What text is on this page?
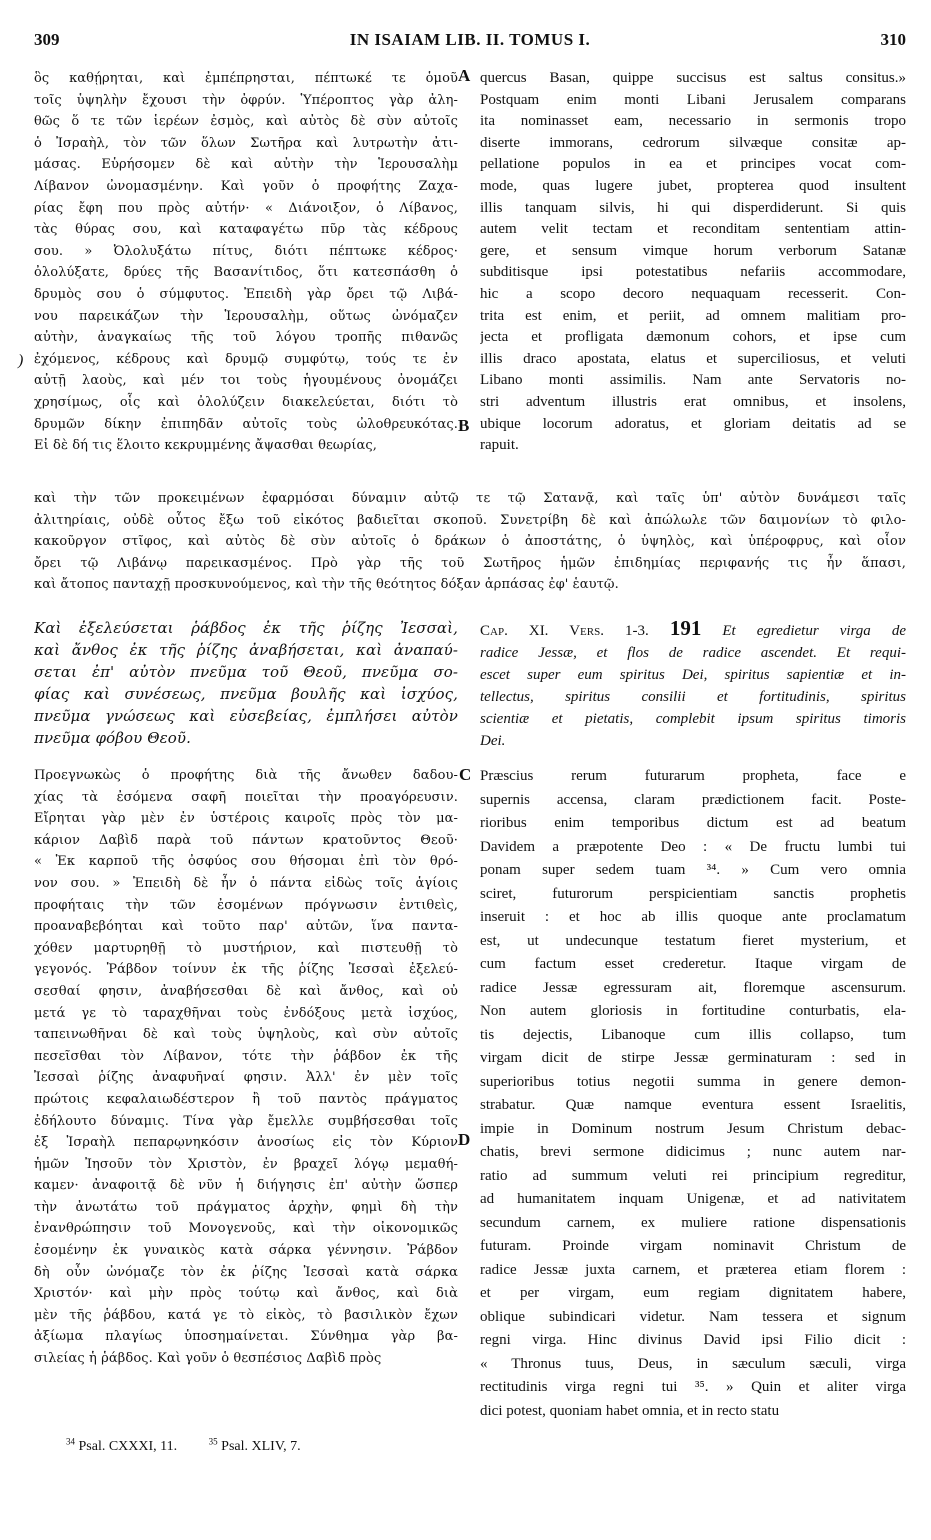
309	IN ISAIAM LIB. II. TOMUS I.	310
A
B
C
D
)
ὃς καθῄρηται, καὶ ἐμπέπρησται, πέπτωκέ τε ὁμοῦ
τοῖς ὑψηλὴν ἔχουσι τὴν ὀφρύν. Ὑπέροπτος γὰρ ἀλη-
θῶς ὅ τε τῶν ἱερέων ἐσμὸς, καὶ αὐτὸς δὲ σὺν αὐτοῖς
ὁ Ἰσραὴλ, τὸν τῶν ὅλων Σωτῆρα καὶ λυτρωτὴν ἀτι-
μάσας. Εὑρήσομεν δὲ καὶ αὐτὴν τὴν Ἱερουσαλὴμ
Λίβανον ὠνομασμένην. Καὶ γοῦν ὁ προφήτης Ζαχα-
ρίας ἔφη που πρὸς αὐτήν· « Διάνοιξον, ὁ Λίβανος,
τὰς θύρας σου, καὶ καταφαγέτω πῦρ τὰς κέδρους
σου. » Ὀλολυξάτω πίτυς, διότι πέπτωκε κέδρος·
ὀλολύξατε, δρύες τῆς Βασανίτιδος, ὅτι κατεσπάσθη ὁ
δρυμὸς σου ὁ σύμφυτος. Ἐπειδὴ γὰρ ὄρει τῷ Λιβά-
νου παρεικάζων τὴν Ἱερουσαλὴμ, οὕτως ὠνόμαζεν
αὐτὴν, ἀναγκαίως τῆς τοῦ λόγου τροπῆς πιθανῶς
ἐχόμενος, κέδρους καὶ δρυμῷ συμφύτῳ, τούς τε ἐν
αὐτῇ λαοὺς, καὶ μέν τοι τοὺς ἡγουμένους ὀνομάζει
χρησίμως, οἷς καὶ ὀλολύζειν διακελεύεται, διότι τὸ
δρυμῶν δίκην ἐπιπηδᾶν αὐτοῖς τοὺς ὠλοθρευκότας.
Εἰ δὲ δή τις ἕλοιτο κεκρυμμένης ἄψασθαι θεωρίας,
quercus Basan, quippe succisus est saltus consitus.»
Postquam enim monti Libani Jerusalem comparans
ita nominasset eam, necessario in sermonis tropo
diserte immorans, cedrorum silvæque consitæ ap-
pellatione populos in ea et principes vocat com-
mode, quas lugere jubet, propterea quod insultent
illis tanquam silvis, hi qui disperdiderunt. Si quis
autem velit tectam et reconditam sententiam attin-
gere, et sensum vimque horum verborum Satanæ
subditisque ipsi potestatibus nefariis accommodare,
hic a scopo decoro nequaquam recesserit. Con-
trita est enim, et periit, ad omnem malitiam pro-
jecta et profligata dæmonum cohors, et ipse cum
illis draco apostata, elatus et superciliosus, et veluti
Libano monti assimilis. Nam ante Servatoris no-
stri adventum illustris erat omnibus, et insolens,
ubique locorum adoratus, et gloriam deitatis ad se
rapuit.
καὶ τὴν τῶν προκειμένων ἐφαρμόσαι δύναμιν αὐτῷ τε τῷ Σατανᾷ, καὶ ταῖς ὑπ' αὐτὸν δυνάμεσι ταῖς
ἀλιτηρίαις, οὐδὲ οὗτος ἔξω τοῦ εἰκότος βαδιεῖται σκοποῦ. Συνετρίβη δὲ καὶ ἀπώλωλε τῶν δαιμονίων τὸ φιλο-
κακοῦργον στῖφος, καὶ αὐτὸς δὲ σὺν αὐτοῖς ὁ δράκων ὁ ἀποστάτης, ὁ ὑψηλὸς, καὶ ὑπέροφρυς, καὶ οἷον
ὄρει τῷ Λιβάνῳ παρεικασμένος. Πρὸ γὰρ τῆς τοῦ Σωτῆρος ἡμῶν ἐπιδημίας περιφανής τις ἦν ἅπασι,
καὶ ἄτοπος πανταχῇ προσκυνούμενος, καὶ τὴν τῆς θεότητος δόξαν ἁρπάσας ἐφ' ἑαυτῷ.
Καὶ ἐξελεύσεται ῥάβδος ἐκ τῆς ῥίζης Ἰεσσαὶ,
καὶ ἄνθος ἐκ τῆς ῥίζης ἀναβήσεται, καὶ ἀναπαύ-
σεται ἐπ' αὐτὸν πνεῦμα τοῦ Θεοῦ, πνεῦμα σο-
φίας καὶ συνέσεως, πνεῦμα βουλῆς καὶ ἰσχύος,
πνεῦμα γνώσεως καὶ εὐσεβείας, ἐμπλήσει αὐτὸν
πνεῦμα φόβου Θεοῦ.
Cap. XI. Vers. 1-3. 191 Et egredietur virga de
radice Jessæ, et flos de radice ascendet. Et requi-
escet super eum spiritus Dei, spiritus sapientiæ et in-
tellectus, spiritus consilii et fortitudinis, spiritus
scientiæ et pietatis, complebit ipsum spiritus timoris
Dei.
Προεγνωκὼς ὁ προφήτης διὰ τῆς ἄνωθεν δαδου-
χίας τὰ ἐσόμενα σαφῆ ποιεῖται τὴν προαγόρευσιν.
Εἴρηται γὰρ μὲν ἐν ὑστέροις καιροῖς πρὸς τὸν μα-
κάριον Δαβὶδ παρὰ τοῦ πάντων κρατοῦντος Θεοῦ·
« Ἐκ καρποῦ τῆς ὀσφύος σου θήσομαι ἐπὶ τὸν θρό-
νον σου. » Ἐπειδὴ δὲ ἦν ὁ πάντα εἰδὼς τοῖς ἁγίοις
προφήταις τὴν τῶν ἐσομένων πρόγνωσιν ἐντιθεὶς,
προαναβεβόηται καὶ τοῦτο παρ' αὐτῶν, ἵνα παντα-
χόθεν μαρτυρηθῇ τὸ μυστήριον, καὶ πιστευθῇ τὸ
γεγονός. Ῥάβδον τοίνυν ἐκ τῆς ῥίζης Ἰεσσαὶ ἐξελεύ-
σεσθαί φησιν, ἀναβήσεσθαι δὲ καὶ ἄνθος, καὶ οὐ
μετά γε τὸ ταραχθῆναι τοὺς ἐνδόξους μετὰ ἰσχύος,
ταπεινωθῆναι δὲ καὶ τοὺς ὑψηλοὺς, καὶ σὺν αὐτοῖς
πεσεῖσθαι τὸν Λίβανον, τότε τὴν ῥάβδον ἐκ τῆς
Ἰεσσαὶ ῥίζης ἀναφυῆναί φησιν. Ἀλλ' ἐν μὲν τοῖς
πρώτοις κεφαλαιωδέστερον ἢ τοῦ παντὸς πράγματος
ἐδήλουτο δύναμις. Τίνα γὰρ ἔμελλε συμβήσεσθαι τοῖς
ἐξ Ἰσραὴλ πεπαρῳνηκόσιν ἀνοσίως εἰς τὸν Κύριον
ἡμῶν Ἰησοῦν τὸν Χριστὸν, ἐν βραχεῖ λόγῳ μεμαθή-
καμεν· ἀναφοιτᾷ δὲ νῦν ἡ διήγησις ἐπ' αὐτὴν ὥσπερ
τὴν ἀνωτάτω τοῦ πράγματος ἀρχὴν, φημὶ δὴ τὴν
ἐνανθρώπησιν τοῦ Μονογενοῦς, καὶ τὴν οἰκονομικῶς
ἐσομένην ἐκ γυναικὸς κατὰ σάρκα γέννησιν. Ῥάβδον
δὴ οὖν ὠνόμαζε τὸν ἐκ ῥίζης Ἰεσσαὶ κατὰ σάρκα
Χριστόν· καὶ μὴν πρὸς τούτῳ καὶ ἄνθος, καὶ διὰ
μὲν τῆς ῥάβδου, κατά γε τὸ εἰκὸς, τὸ βασιλικὸν ἔχων
ἀξίωμα πλαγίως ὑποσημαίνεται. Σύνθημα γὰρ βα-
σιλείας ἡ ῥάβδος. Καὶ γοῦν ὁ θεσπέσιος Δαβὶδ πρὸς
Præscius rerum futurarum propheta, face e
supernis accensa, claram prædictionem facit. Poste-
rioribus enim temporibus dictum est ad beatum
Davidem a præpotente Deo : « De fructu lumbi tui
ponam super sedem tuam ³⁴. » Cum vero omnia
sciret, futurorum perspicientiam sanctis prophetis
inseruit : et hoc ab illis quoque ante proclamatum
est, ut undecunque testatum fieret mysterium, et
cum factum esset crederetur. Itaque virgam de
radice Jessæ egressuram ait, floremque ascensurum.
Non autem gloriosis in fortitudine conturbatis, ela-
tis dejectis, Libanoque cum illis collapso, tum
virgam dicit de stirpe Jessæ germinaturam : sed in
superioribus totius negotii summa in genere demon-
strabatur. Quæ namque eventura essent Israelitis,
impie in Dominum nostrum Jesum Christum debac-
chatis, brevi sermone didicimus ; nunc autem nar-
ratio ad summum veluti rei principium regreditur,
ad humanitatem inquam Unigenæ, et ad nativitatem
secundum carnem, ex muliere ratione dispensationis
futuram. Proinde virgam nominavit Christum de
radice Jessæ juxta carnem, et præterea etiam florem :
et per virgam, eum regiam dignitatem habere,
oblique subindicari videtur. Nam tessera et signum
regni virga. Hinc divinus David ipsi Filio dicit :
« Thronus tuus, Deus, in sæculum sæculi, virga
rectitudinis virga regni tui ³⁵. » Quin et aliter virga
dici potest, quoniam habet omnia, et in recto statu
$^{34}$ Psal. CXXXI, 11.	$^{35}$ Psal. XLIV, 7.
